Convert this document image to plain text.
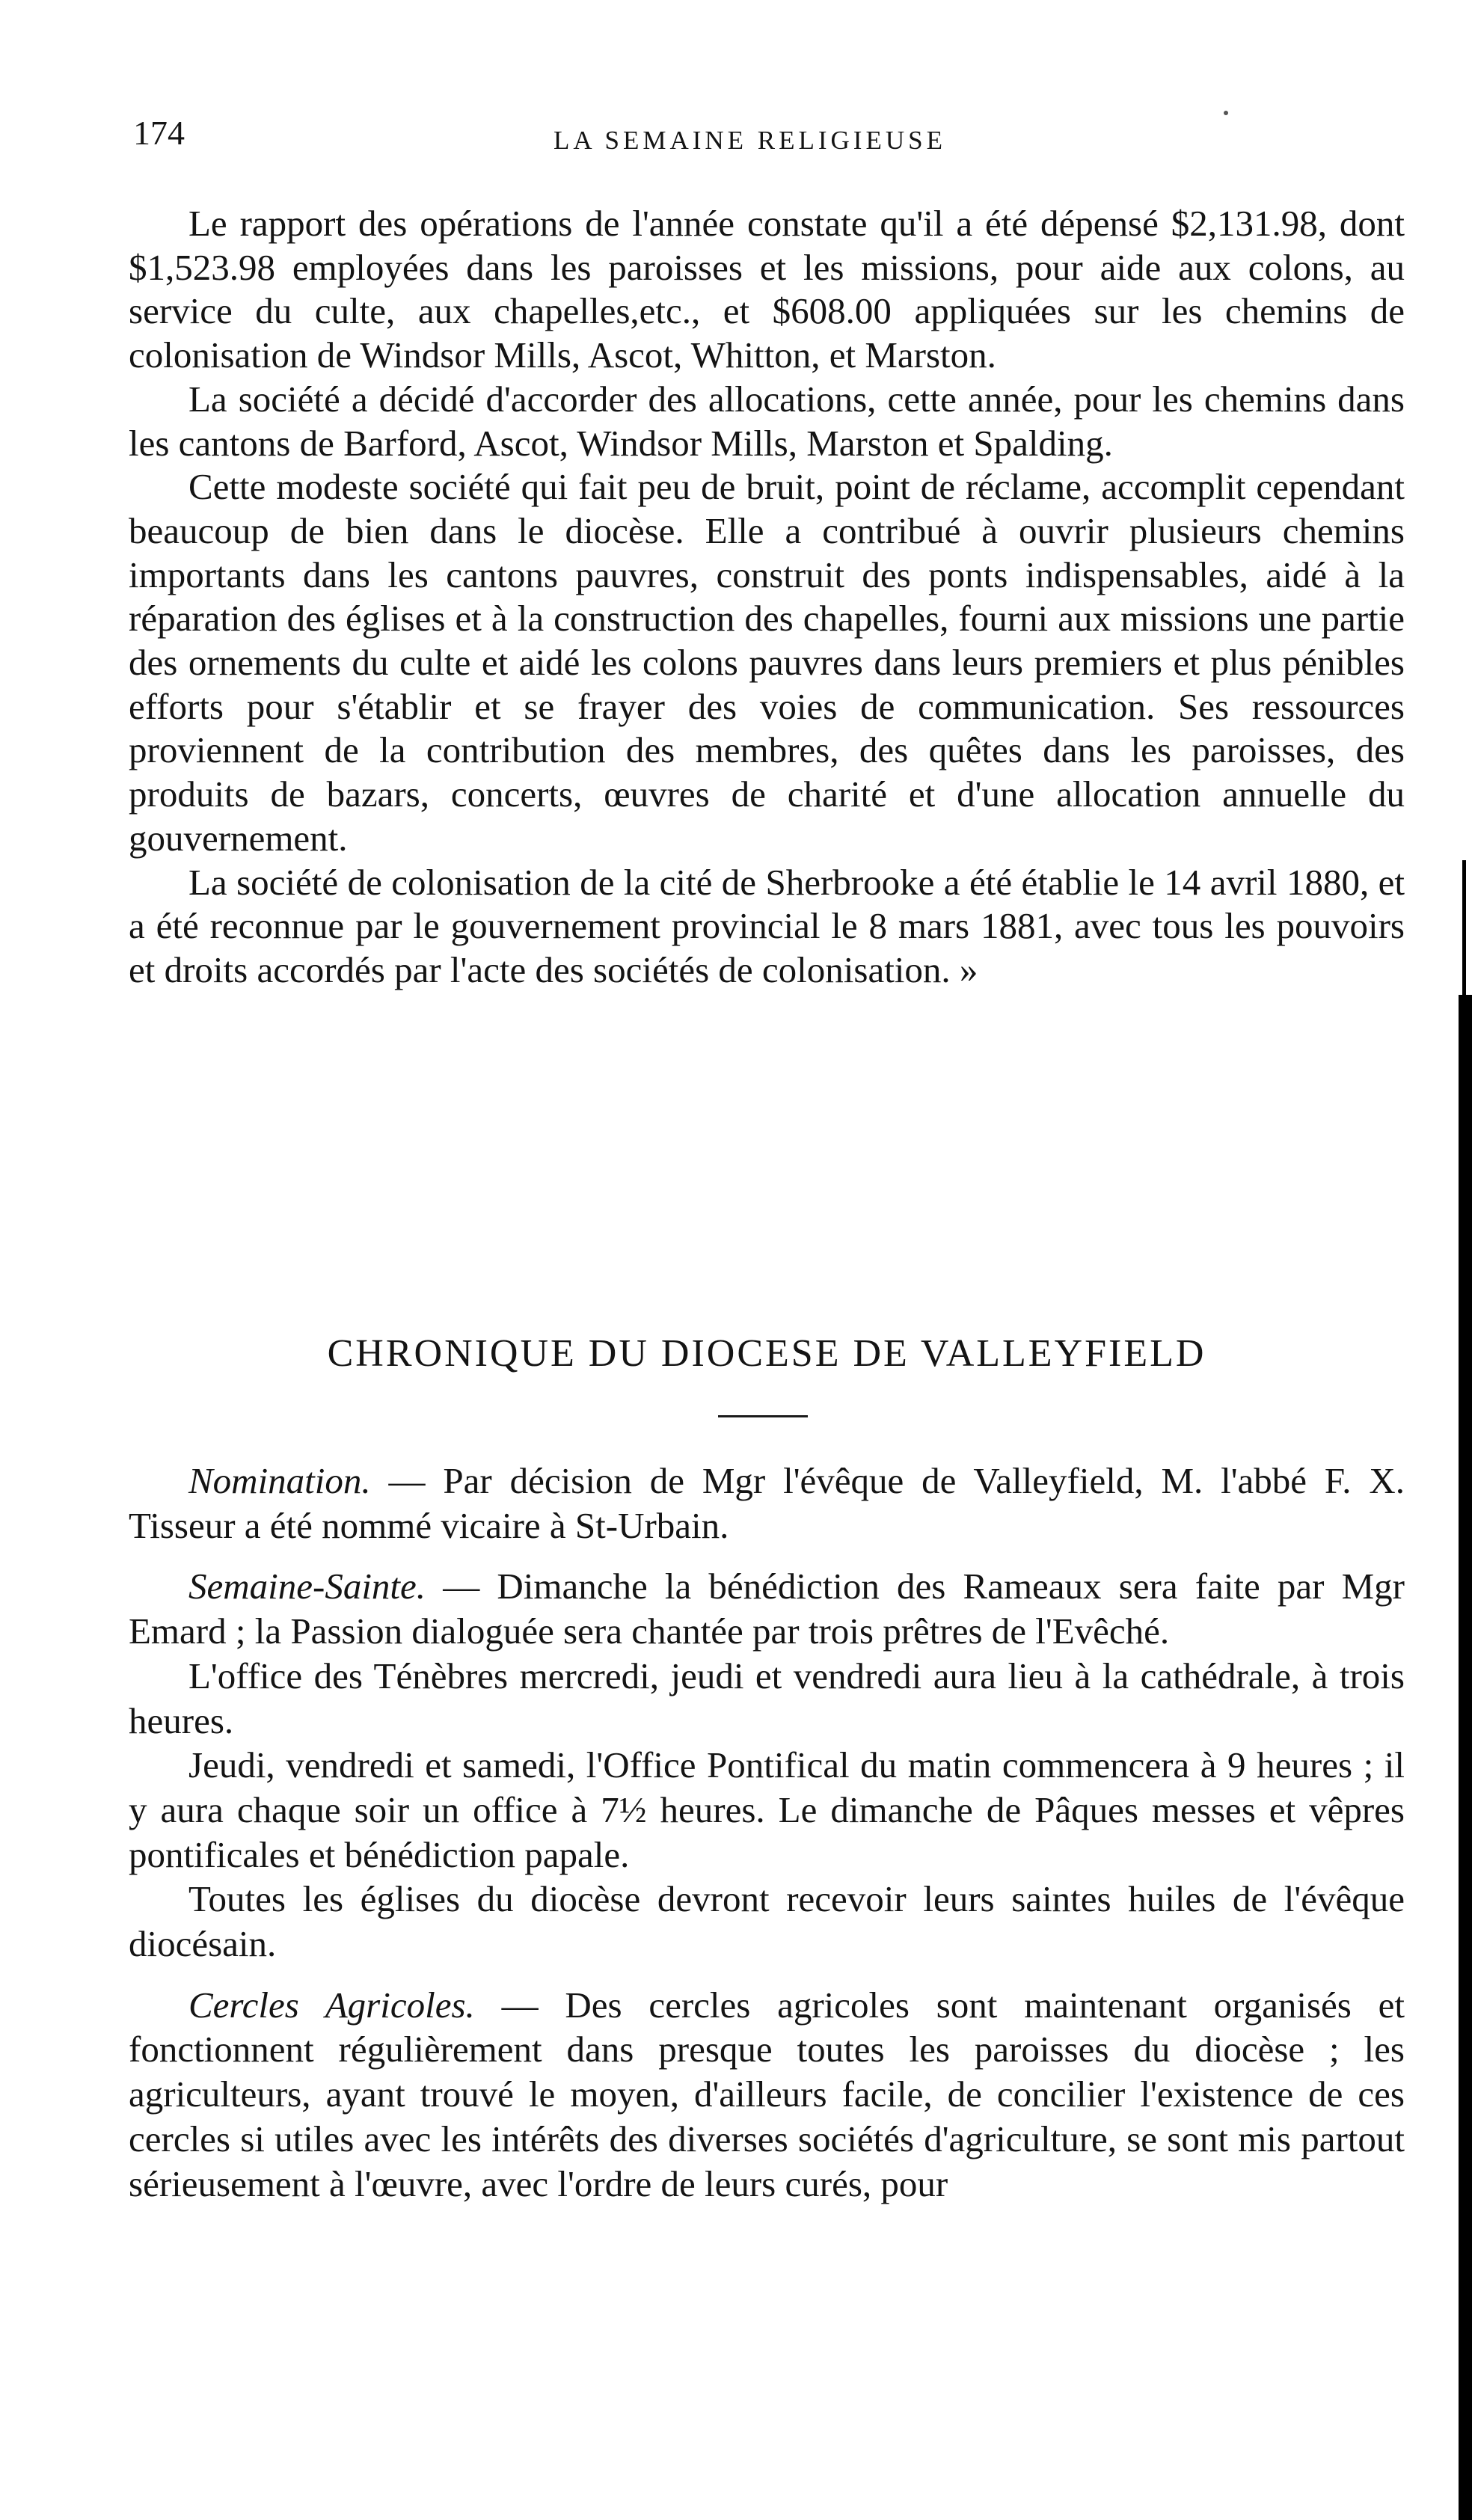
174	LA SEMAINE RELIGIEUSE

Le rapport des opérations de l'année constate qu'il a été dépensé $2,131.98, dont $1,523.98 employées dans les paroisses et les missions, pour aide aux colons, au service du culte, aux chapelles,etc., et $608.00 appliquées sur les chemins de colonisation de Windsor Mills, Ascot, Whitton, et Marston.

La société a décidé d'accorder des allocations, cette année, pour les chemins dans les cantons de Barford, Ascot, Windsor Mills, Marston et Spalding.

Cette modeste société qui fait peu de bruit, point de réclame, accomplit cependant beaucoup de bien dans le diocèse. Elle a contribué à ouvrir plusieurs chemins importants dans les cantons pauvres, construit des ponts indispensables, aidé à la réparation des églises et à la construction des chapelles, fourni aux missions une partie des ornements du culte et aidé les colons pauvres dans leurs premiers et plus pénibles efforts pour s'établir et se frayer des voies de communication. Ses ressources proviennent de la contribution des membres, des quêtes dans les paroisses, des produits de bazars, concerts, œuvres de charité et d'une allocation annuelle du gouvernement.

La société de colonisation de la cité de Sherbrooke a été établie le 14 avril 1880, et a été reconnue par le gouvernement provincial le 8 mars 1881, avec tous les pouvoirs et droits accordés par l'acte des sociétés de colonisation. »

CHRONIQUE DU DIOCESE DE VALLEYFIELD

Nomination. — Par décision de Mgr l'évêque de Valleyfield, M. l'abbé F. X. Tisseur a été nommé vicaire à St-Urbain.

Semaine-Sainte. — Dimanche la bénédiction des Rameaux sera faite par Mgr Emard ; la Passion dialoguée sera chantée par trois prêtres de l'Evêché.

L'office des Ténèbres mercredi, jeudi et vendredi aura lieu à la cathédrale, à trois heures.

Jeudi, vendredi et samedi, l'Office Pontifical du matin commencera à 9 heures ; il y aura chaque soir un office à 7½ heures. Le dimanche de Pâques messes et vêpres pontificales et bénédiction papale.

Toutes les églises du diocèse devront recevoir leurs saintes huiles de l'évêque diocésain.

Cercles Agricoles. — Des cercles agricoles sont maintenant organisés et fonctionnent régulièrement dans presque toutes les paroisses du diocèse ; les agriculteurs, ayant trouvé le moyen, d'ailleurs facile, de concilier l'existence de ces cercles si utiles avec les intérêts des diverses sociétés d'agriculture, se sont mis partout sérieusement à l'œuvre, avec l'ordre de leurs curés, pour
